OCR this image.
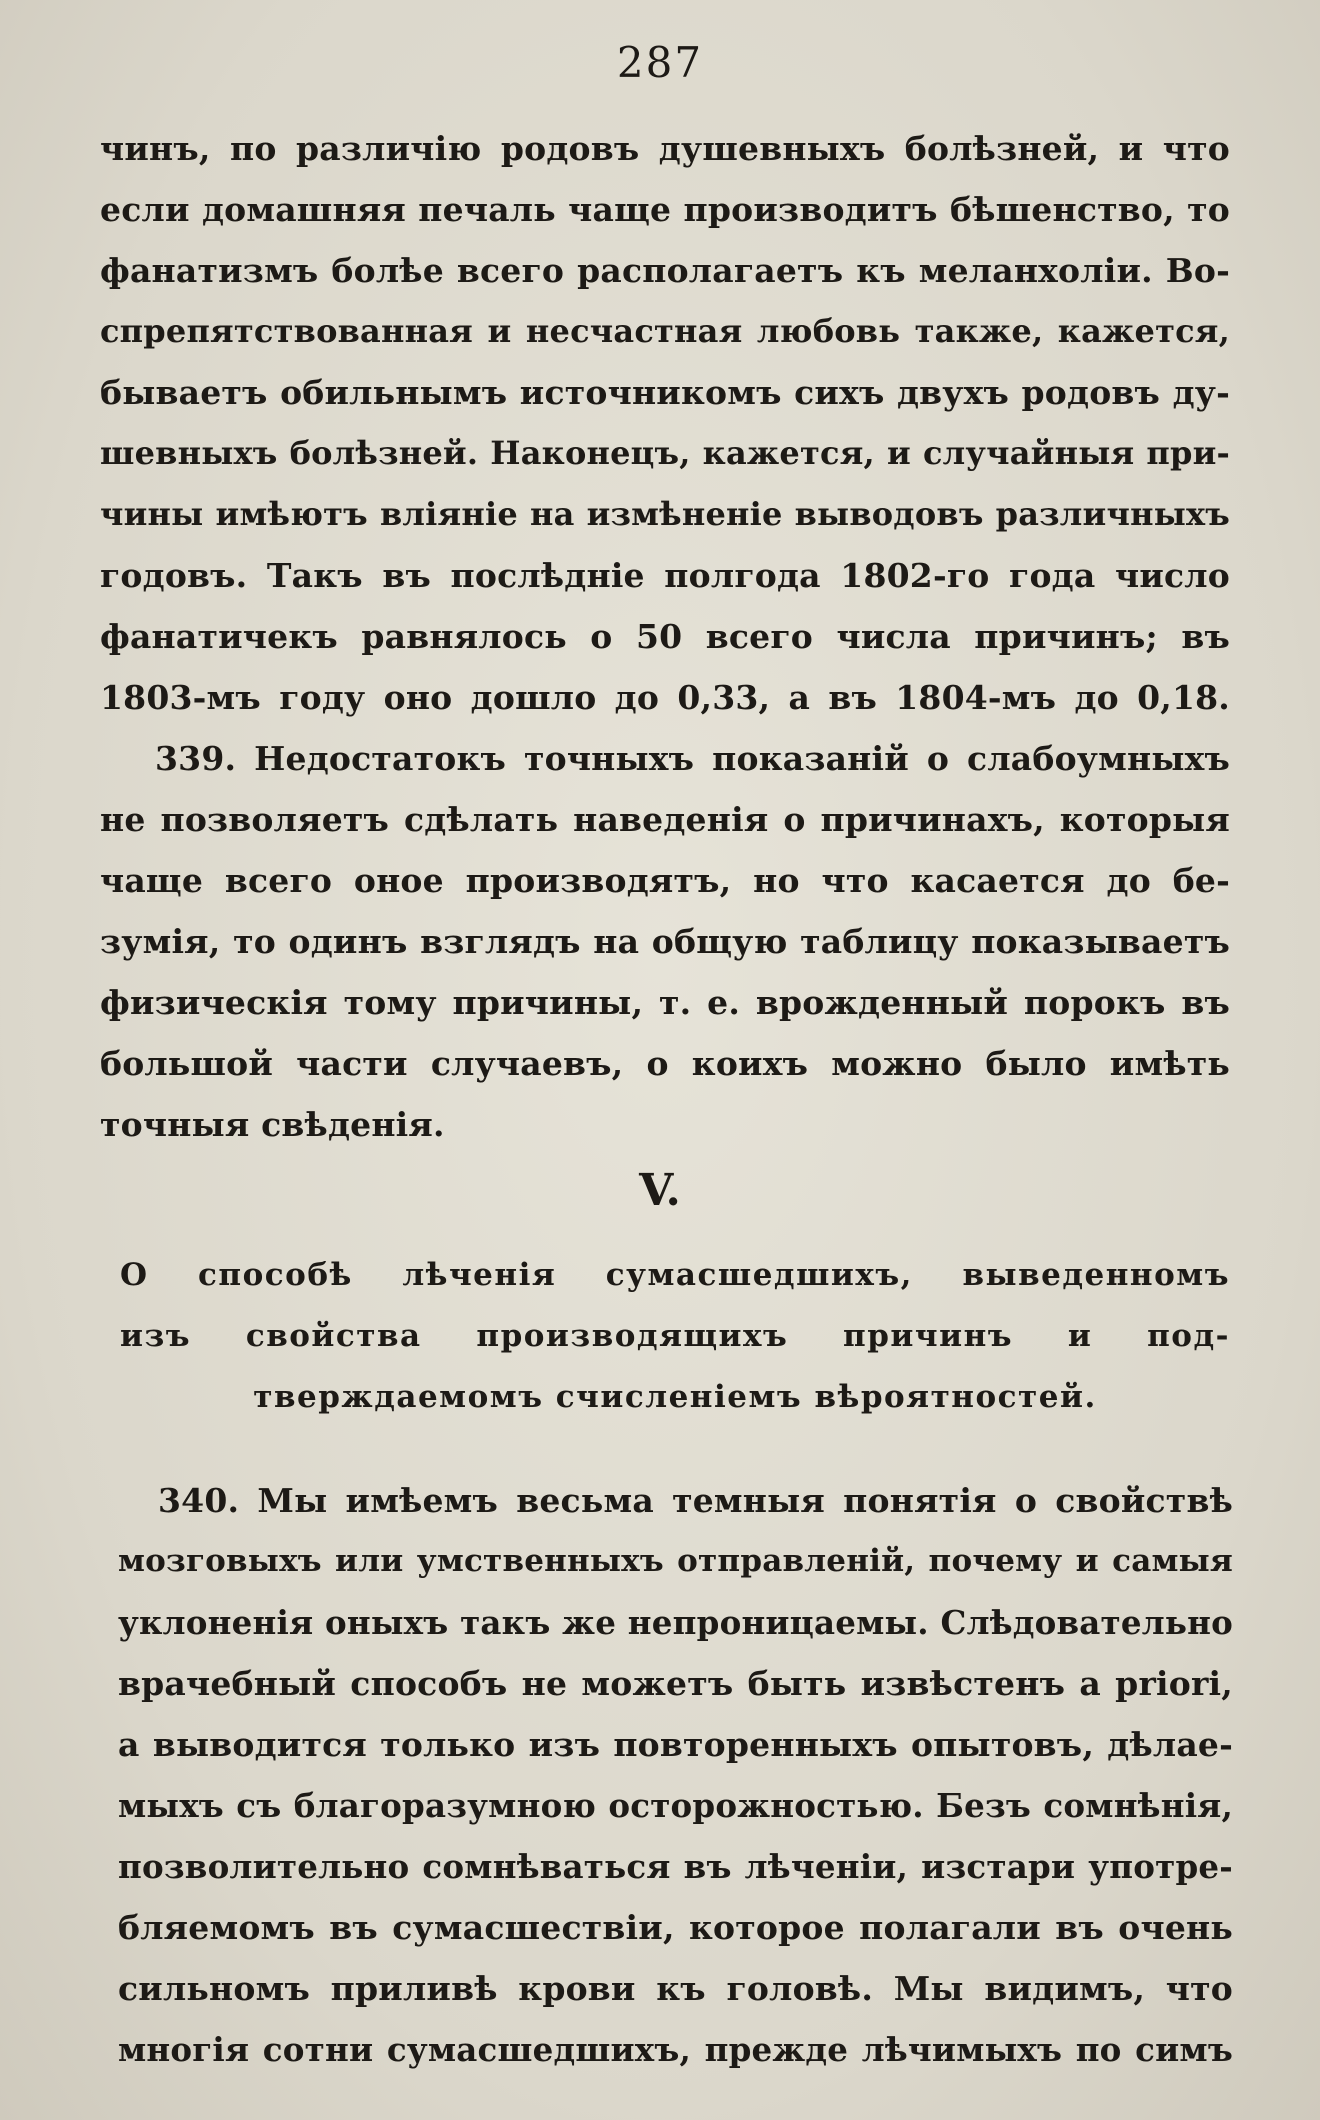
287
чинъ, по различію родовъ душевныхъ болѣзней, и что
если домашняя печаль чаще производитъ бѣшенство, то
фанатизмъ болѣе всего располагаетъ къ меланхоліи. Во-
спрепятствованная и несчастная любовь также, кажется,
бываетъ обильнымъ источникомъ сихъ двухъ родовъ ду-
шевныхъ болѣзней. Наконецъ, кажется, и случайныя при-
чины имѣютъ вліяніе на измѣненіе выводовъ различныхъ
годовъ. Такъ въ послѣдніе полгода 1802-го года число
фанатичекъ равнялось о 50 всего числа причинъ; въ
1803-мъ году оно дошло до 0,33, а въ 1804-мъ до 0,18.
339. Недостатокъ точныхъ показаній о слабоумныхъ
не позволяетъ сдѣлать наведенія о причинахъ, которыя
чаще всего оное производятъ, но что касается до бе-
зумія, то одинъ взглядъ на общую таблицу показываетъ
физическія тому причины, т. е. врожденный порокъ въ
большой части случаевъ, о коихъ можно было имѣть
точныя свѣденія.
V.
О способѣ лѣченія сумасшедшихъ, выведенномъ
изъ свойства производящихъ причинъ и под-
тверждаемомъ счисленіемъ вѣроятностей.
340. Мы имѣемъ весьма темныя понятія о свойствѣ
мозговыхъ или умственныхъ отправленій, почему и самыя
уклоненія оныхъ такъ же непроницаемы. Слѣдовательно
врачебный способъ не можетъ быть извѣстенъ a priori,
а выводится только изъ повторенныхъ опытовъ, дѣлае-
мыхъ съ благоразумною осторожностью. Безъ сомнѣнія,
позволительно сомнѣваться въ лѣченіи, изстари употре-
бляемомъ въ сумасшествіи, которое полагали въ очень
сильномъ приливѣ крови къ головѣ. Мы видимъ, что
многія сотни сумасшедшихъ, прежде лѣчимыхъ по симъ
